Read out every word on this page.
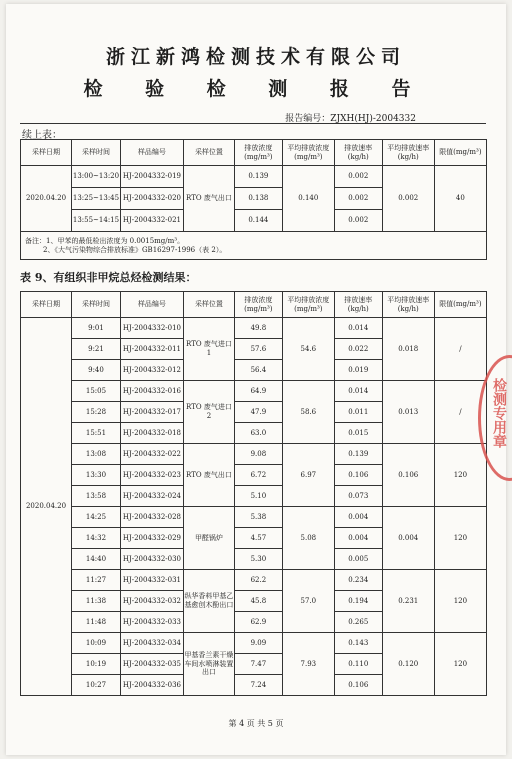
浙江新鸿检测技术有限公司
检 验 检 测 报 告
报告编号：ZJXH(HJ)-2004332
续上表：
采样日期	采样时间	样品编号	采样位置	排放浓度(mg/m³)	平均排放浓度(mg/m³)	排放速率(kg/h)	平均排放速率(kg/h)	限值(mg/m³)
2020.04.20	13:00~13:20	HJ-2004332-019	RTO 废气出口	0.139	0.140	0.002	0.002	40
	13:25~13:45	HJ-2004332-020		0.138		0.002		
	13:55~14:15	HJ-2004332-021		0.144		0.002		

备注：1、甲苯的最低检出浓度为 0.0015mg/m³。
2、《大气污染物综合排放标准》GB16297-1996（表 2）。								
表 9、有组织非甲烷总烃检测结果：
采样日期	采样时间	样品编号	采样位置	排放浓度(mg/m³)	平均排放浓度(mg/m³)	排放速率(kg/h)	平均排放速率(kg/h)	限值(mg/m³)
2020.04.20	9:01	HJ-2004332-010	RTO 废气进口 1	49.8	54.6	0.014	0.018	/
	9:21	HJ-2004332-011		57.6		0.022		
	9:40	HJ-2004332-012		56.4		0.019		
	15:05	HJ-2004332-016	RTO 废气进口 2	64.9	58.6	0.014	0.013	/
	15:28	HJ-2004332-017		47.9		0.011		
	15:51	HJ-2004332-018		63.0		0.015		
	13:08	HJ-2004332-022	RTO 废气出口	9.08	6.97	0.139	0.106	120
	13:30	HJ-2004332-023		6.72		0.106		
	13:58	HJ-2004332-024		5.10		0.073		
	14:25	HJ-2004332-028	甲醛锅炉	5.38	5.08	0.004	0.004	120
	14:32	HJ-2004332-029		4.57		0.004		
	14:40	HJ-2004332-030		5.30		0.005		
	11:27	HJ-2004332-031	纵华香料甲基乙基愈创木酚出口	62.2	57.0	0.234	0.231	120
	11:38	HJ-2004332-032		45.8		0.194		
	11:48	HJ-2004332-033		62.9		0.265		
	10:09	HJ-2004332-034	甲基香兰素干燥车间水喷淋装置出口	9.09	7.93	0.143	0.120	120
	10:19	HJ-2004332-035		7.47		0.110		
	10:27	HJ-2004332-036		7.24		0.106		
第 4 页 共 5 页
检测专用章
